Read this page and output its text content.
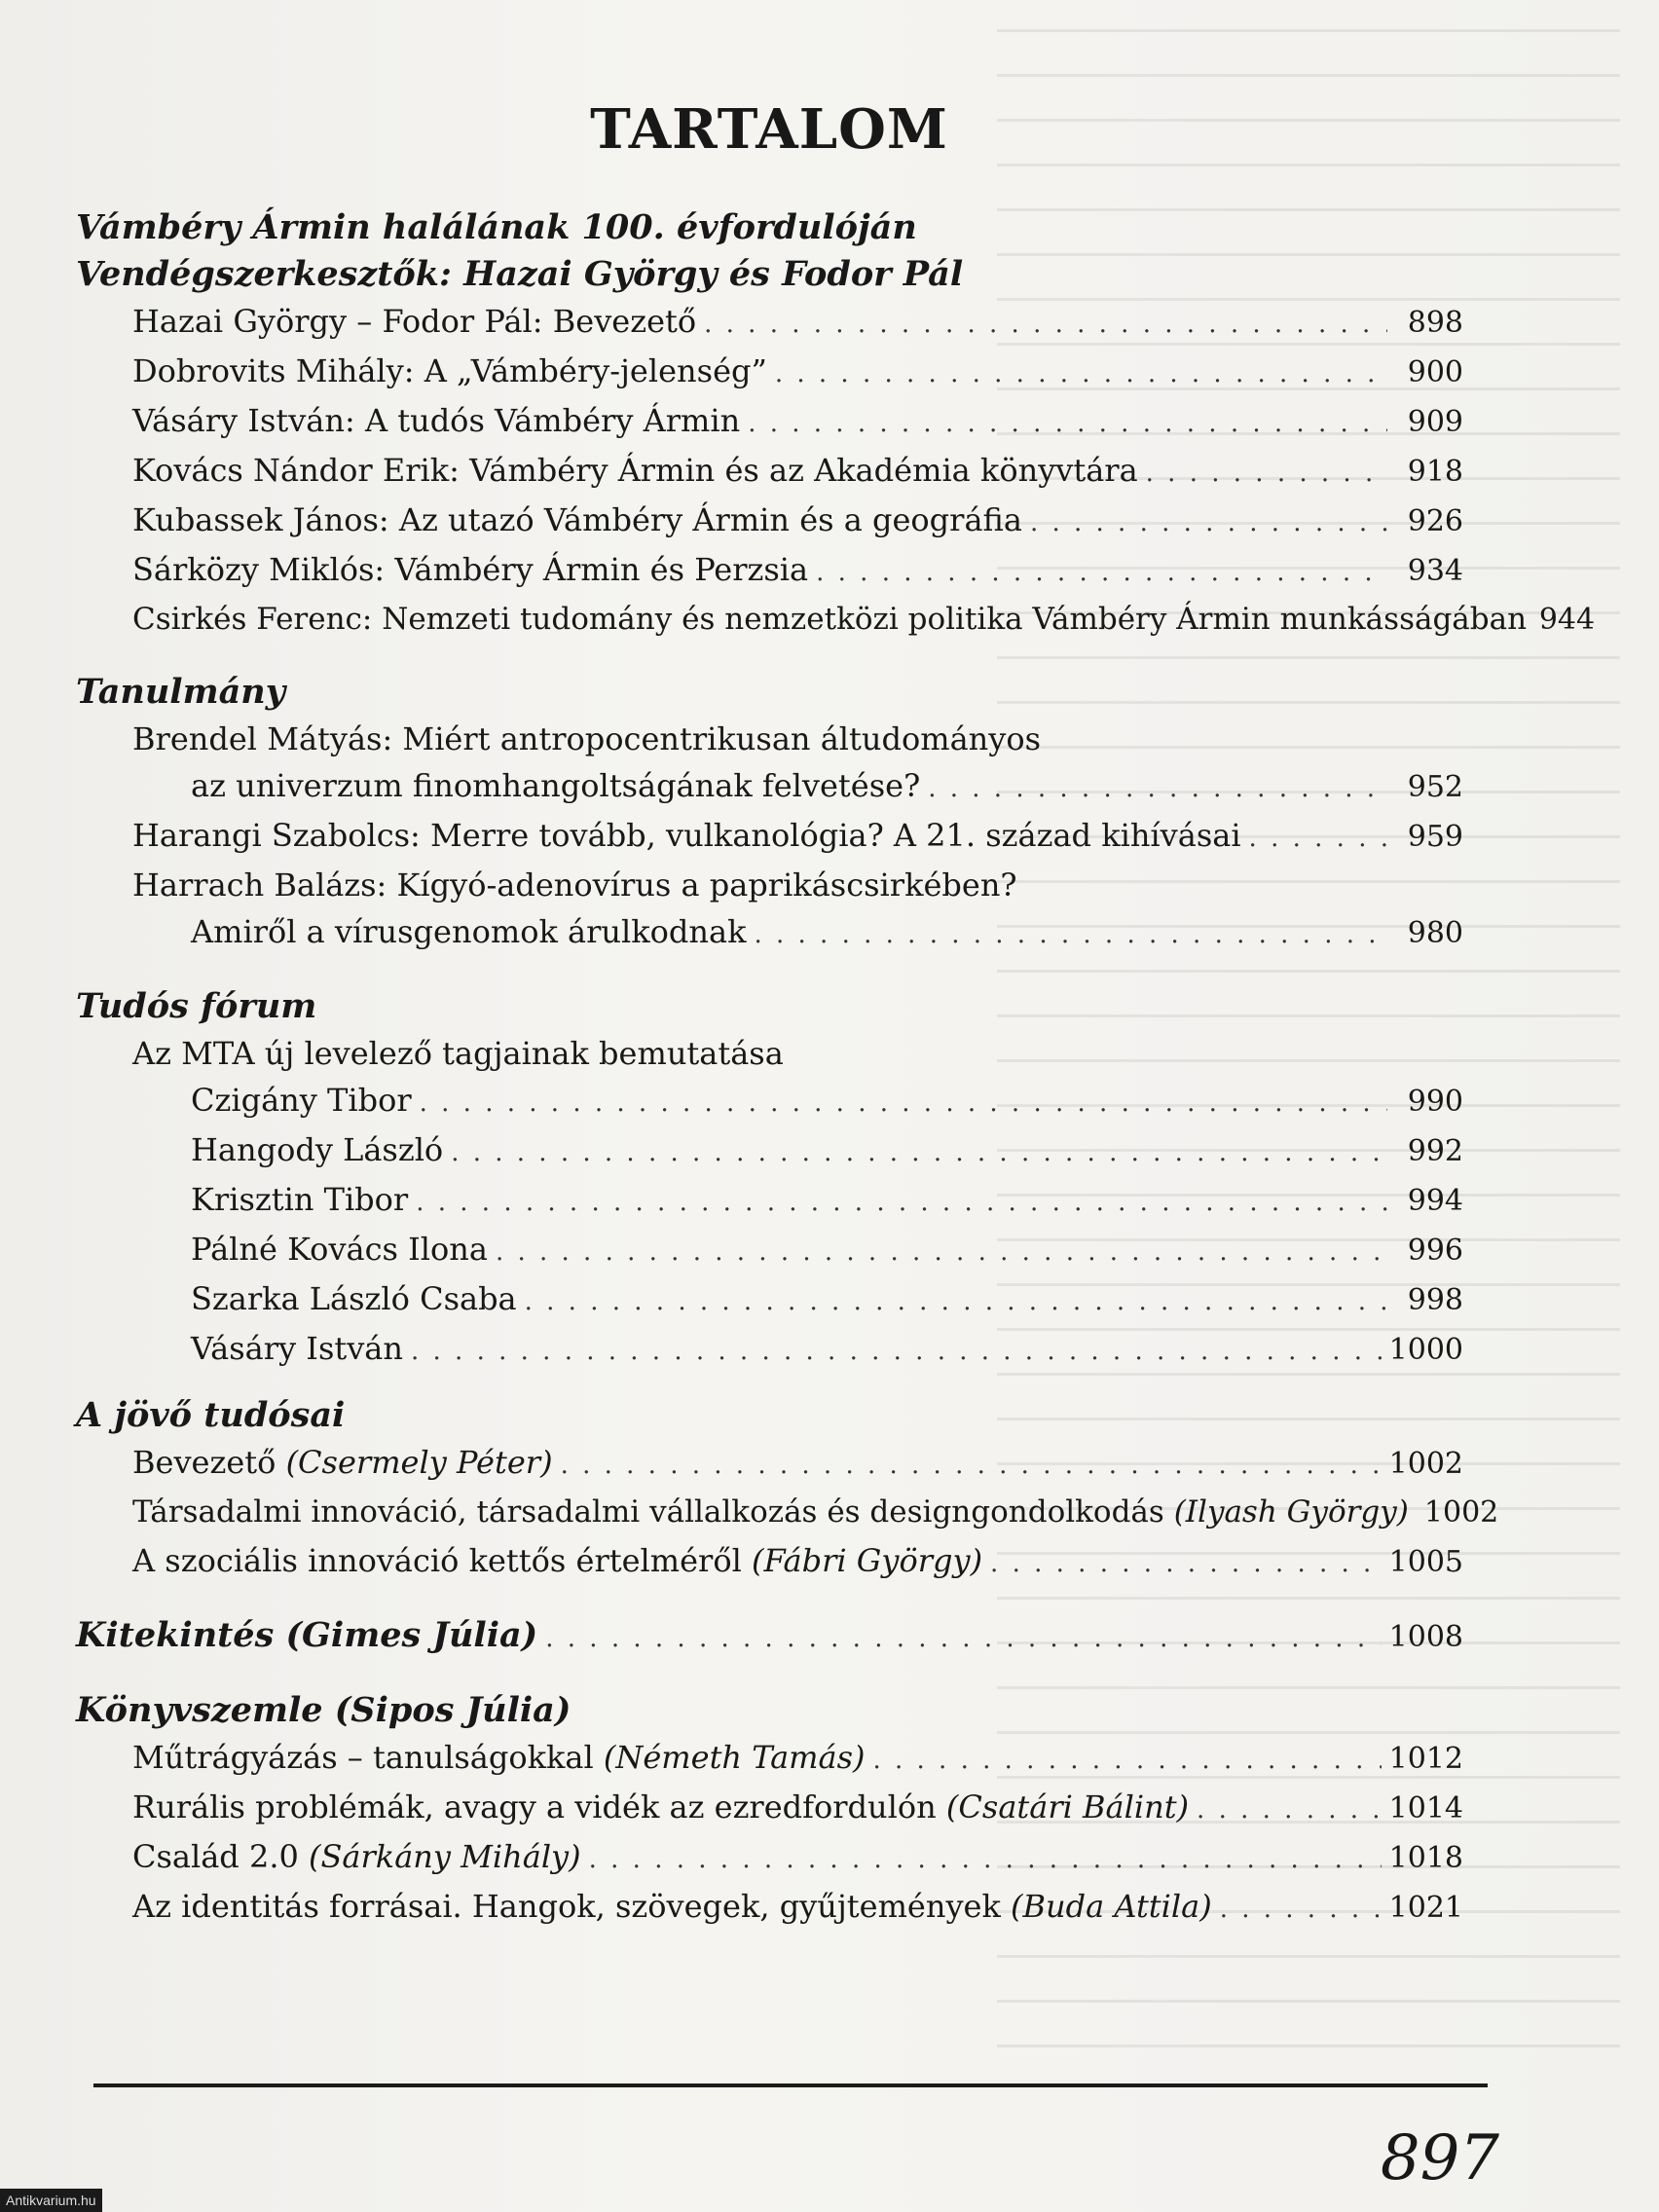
TARTALOM

Vámbéry Ármin halálának 100. évfordulóján

Vendégszerkesztők: Hazai György és Fodor Pál

Hazai György – Fodor Pál: Bevezető . . .	898
Dobrovits Mihály: A „Vámbéry-jelenség” . . .	900
Vásáry István: A tudós Vámbéry Ármin . . .	909
Kovács Nándor Erik: Vámbéry Ármin és az Akadémia könyvtára . . .	918
Kubassek János: Az utazó Vámbéry Ármin és a geográfia . . .	926
Sárközy Miklós: Vámbéry Ármin és Perzsia . . .	934
Csirkés Ferenc: Nemzeti tudomány és nemzetközi politika Vámbéry Ármin munkásságában 944

Tanulmány

Brendel Mátyás: Miért antropocentrikusan áltudományos
az univerzum finomhangoltságának felvetése? . . .	952
Harangi Szabolcs: Merre tovább, vulkanológia? A 21. század kihívásai . . .	959
Harrach Balázs: Kígyó-adenovírus a paprikáscsirkében?
Amiről a vírusgenomok árulkodnak . . .	980

Tudós fórum

Az MTA új levelező tagjainak bemutatása
Czigány Tibor . . .	990
Hangody László . . .	992
Krisztin Tibor . . .	994
Pálné Kovács Ilona . . .	996
Szarka László Csaba . . .	998
Vásáry István . . .	1000

A jövő tudósai

Bevezető (Csermely Péter) . . .	1002
Társadalmi innováció, társadalmi vállalkozás és designgondolkodás (Ilyash György) 1002
A szociális innováció kettős értelméről (Fábri György) . . .	1005
Kitekintés (Gimes Júlia) . . .	1008

Könyvszemle (Sipos Júlia)

Műtrágyázás – tanulságokkal (Németh Tamás) . . .	1012
Rurális problémák, avagy a vidék az ezredfordulón (Csatári Bálint) . . .	1014
Család 2.0 (Sárkány Mihály) . . .	1018
Az identitás forrásai. Hangok, szövegek, gyűjtemények (Buda Attila) . . .	1021
897
Antikvarium.hu
